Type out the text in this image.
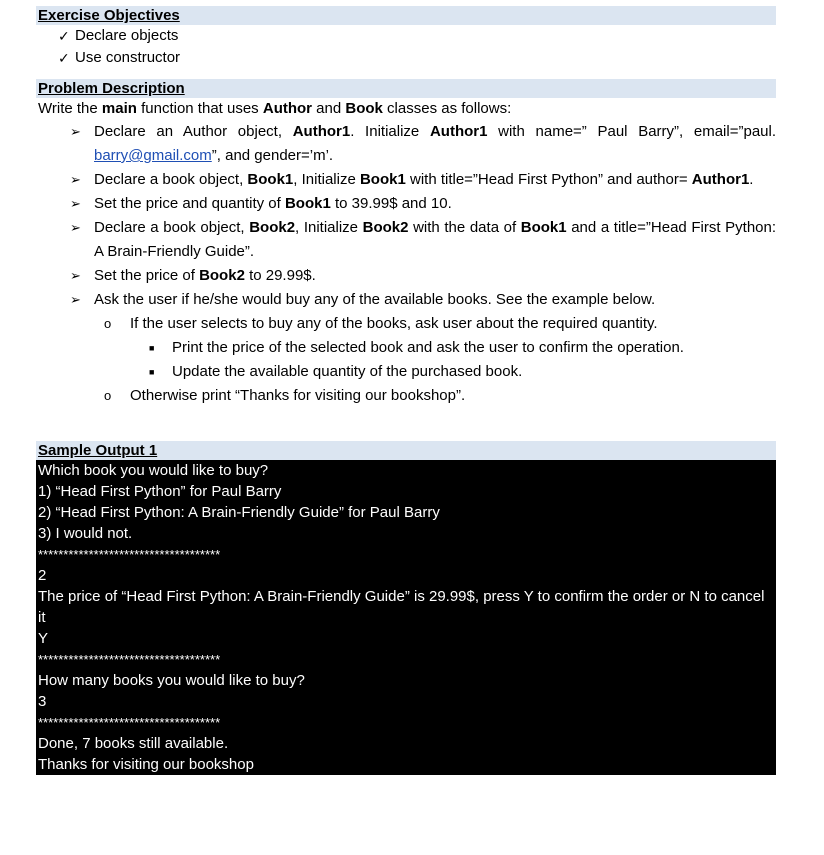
Exercise Objectives
✓ Declare objects
✓ Use constructor
Problem Description
Write the main function that uses Author and Book classes as follows:
➢ Declare an Author object, Author1. Initialize Author1 with name=” Paul Barry”, email=”paul. barry@gmail.com”, and gender=’m’.
➢ Declare a book object, Book1, Initialize Book1 with title=”Head First Python” and author= Author1.
➢ Set the price and quantity of Book1 to 39.99$ and 10.
➢ Declare a book object, Book2, Initialize Book2 with the data of Book1 and a title=”Head First Python: A Brain-Friendly Guide”.
➢ Set the price of Book2 to 29.99$.
➢ Ask the user if he/she would buy any of the available books. See the example below.
o If the user selects to buy any of the books, ask user about the required quantity.
■ Print the price of the selected book and ask the user to confirm the operation.
■ Update the available quantity of the purchased book.
o Otherwise print “Thanks for visiting our bookshop”.
Sample Output 1
Which book you would like to buy?
1) “Head First Python” for Paul Barry
2) “Head First Python: A Brain-Friendly Guide” for Paul Barry
3) I would not.
************************************
2
The price of “Head First Python: A Brain-Friendly Guide” is 29.99$, press Y to confirm the order or N to cancel it
Y
************************************
How many books you would like to buy?
3
************************************
Done, 7 books still available.
Thanks for visiting our bookshop
